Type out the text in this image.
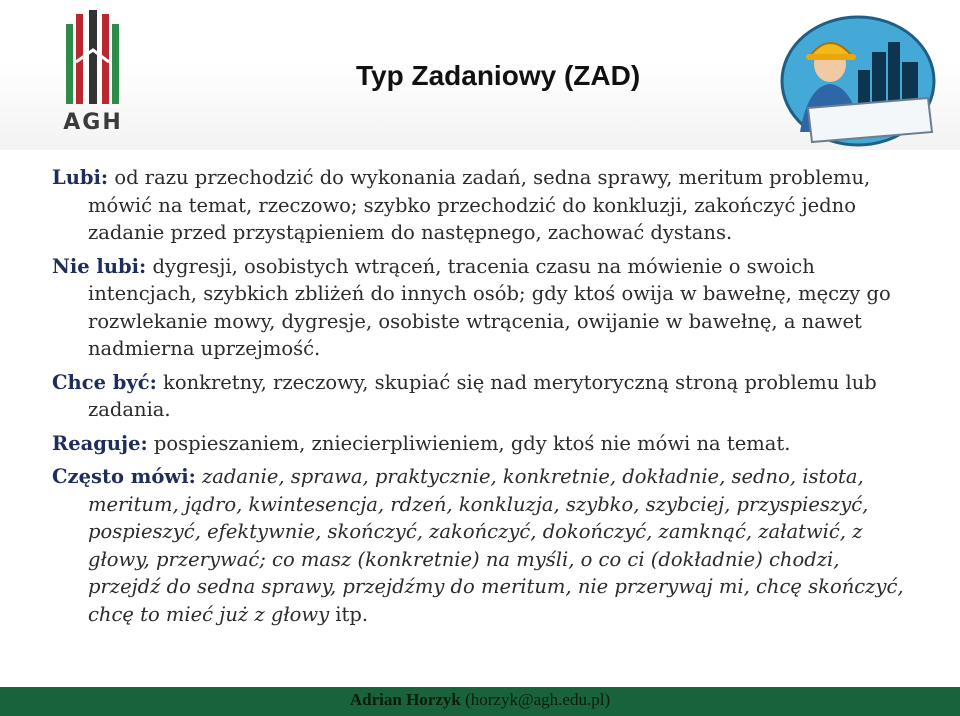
AGH
Typ Zadaniowy (ZAD)

Lubi: od razu przechodzić do wykonania zadań, sedna sprawy, meritum problemu, mówić na temat, rzeczowo; szybko przechodzić do konkluzji, zakończyć jedno zadanie przed przystąpieniem do następnego, zachować dystans.

Nie lubi: dygresji, osobistych wtrąceń, tracenia czasu na mówienie o swoich intencjach, szybkich zbliżeń do innych osób; gdy ktoś owija w bawełnę, męczy go rozwlekanie mowy, dygresje, osobiste wtrącenia, owijanie w bawełnę, a nawet nadmierna uprzejmość.

Chce być: konkretny, rzeczowy, skupiać się nad merytoryczną stroną problemu lub zadania.

Reaguje: pospieszaniem, zniecierpliwieniem, gdy ktoś nie mówi na temat.

Często mówi: zadanie, sprawa, praktycznie, konkretnie, dokładnie, sedno, istota, meritum, jądro, kwintesencja, rdzeń, konkluzja, szybko, szybciej, przyspieszyć, pospieszyć, efektywnie, skończyć, zakończyć, dokończyć, zamknąć, załatwić, z głowy, przerywać; co masz (konkretnie) na myśli, o co ci (dokładnie) chodzi, przejdź do sedna sprawy, przejdźmy do meritum, nie przerywaj mi, chcę skończyć, chcę to mieć już z głowy itp.

Adrian Horzyk (horzyk@agh.edu.pl)
